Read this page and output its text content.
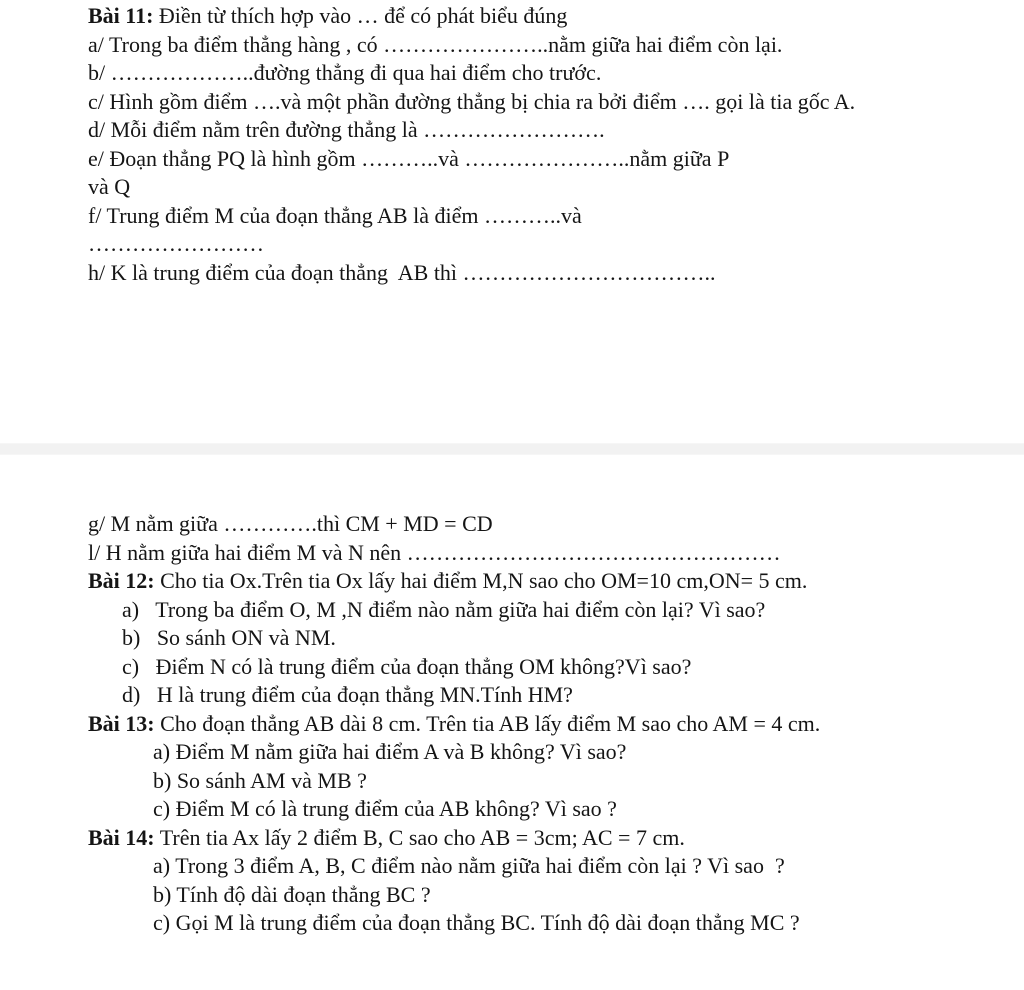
Bài 11: Điền từ thích hợp vào … để có phát biểu đúng
a/ Trong ba điểm thẳng hàng , có …………………..nằm giữa hai điểm còn lại.
b/ ………………..đường thẳng đi qua hai điểm cho trước.
c/ Hình gồm điểm ….và một phần đường thẳng bị chia ra bởi điểm …. gọi là tia gốc A.
d/ Mỗi điểm nằm trên đường thẳng là …………………….
e/ Đoạn thẳng PQ là hình gồm ………..và …………………..nằm giữa P
và Q
f/ Trung điểm M của đoạn thẳng AB là điểm ………..và
……………………
h/ K là trung điểm của đoạn thẳng  AB thì ……………………………..
g/ M nằm giữa ………….thì CM + MD = CD
l/ H nằm giữa hai điểm M và N nên ……………………………………………
Bài 12: Cho tia Ox.Trên tia Ox lấy hai điểm M,N sao cho OM=10 cm,ON= 5 cm.
a)   Trong ba điểm O, M ,N điểm nào nằm giữa hai điểm còn lại? Vì sao?
b)   So sánh ON và NM.
c)   Điểm N có là trung điểm của đoạn thẳng OM không?Vì sao?
d)   H là trung điểm của đoạn thẳng MN.Tính HM?
Bài 13: Cho đoạn thẳng AB dài 8 cm. Trên tia AB lấy điểm M sao cho AM = 4 cm.
a) Điểm M nằm giữa hai điểm A và B không? Vì sao?
b) So sánh AM và MB ?
c) Điểm M có là trung điểm của AB không? Vì sao ?
Bài 14: Trên tia Ax lấy 2 điểm B, C sao cho AB = 3cm; AC = 7 cm.
a) Trong 3 điểm A, B, C điểm nào nằm giữa hai điểm còn lại ? Vì sao  ?
b) Tính độ dài đoạn thẳng BC ?
c) Gọi M là trung điểm của đoạn thẳng BC. Tính độ dài đoạn thẳng MC ?
